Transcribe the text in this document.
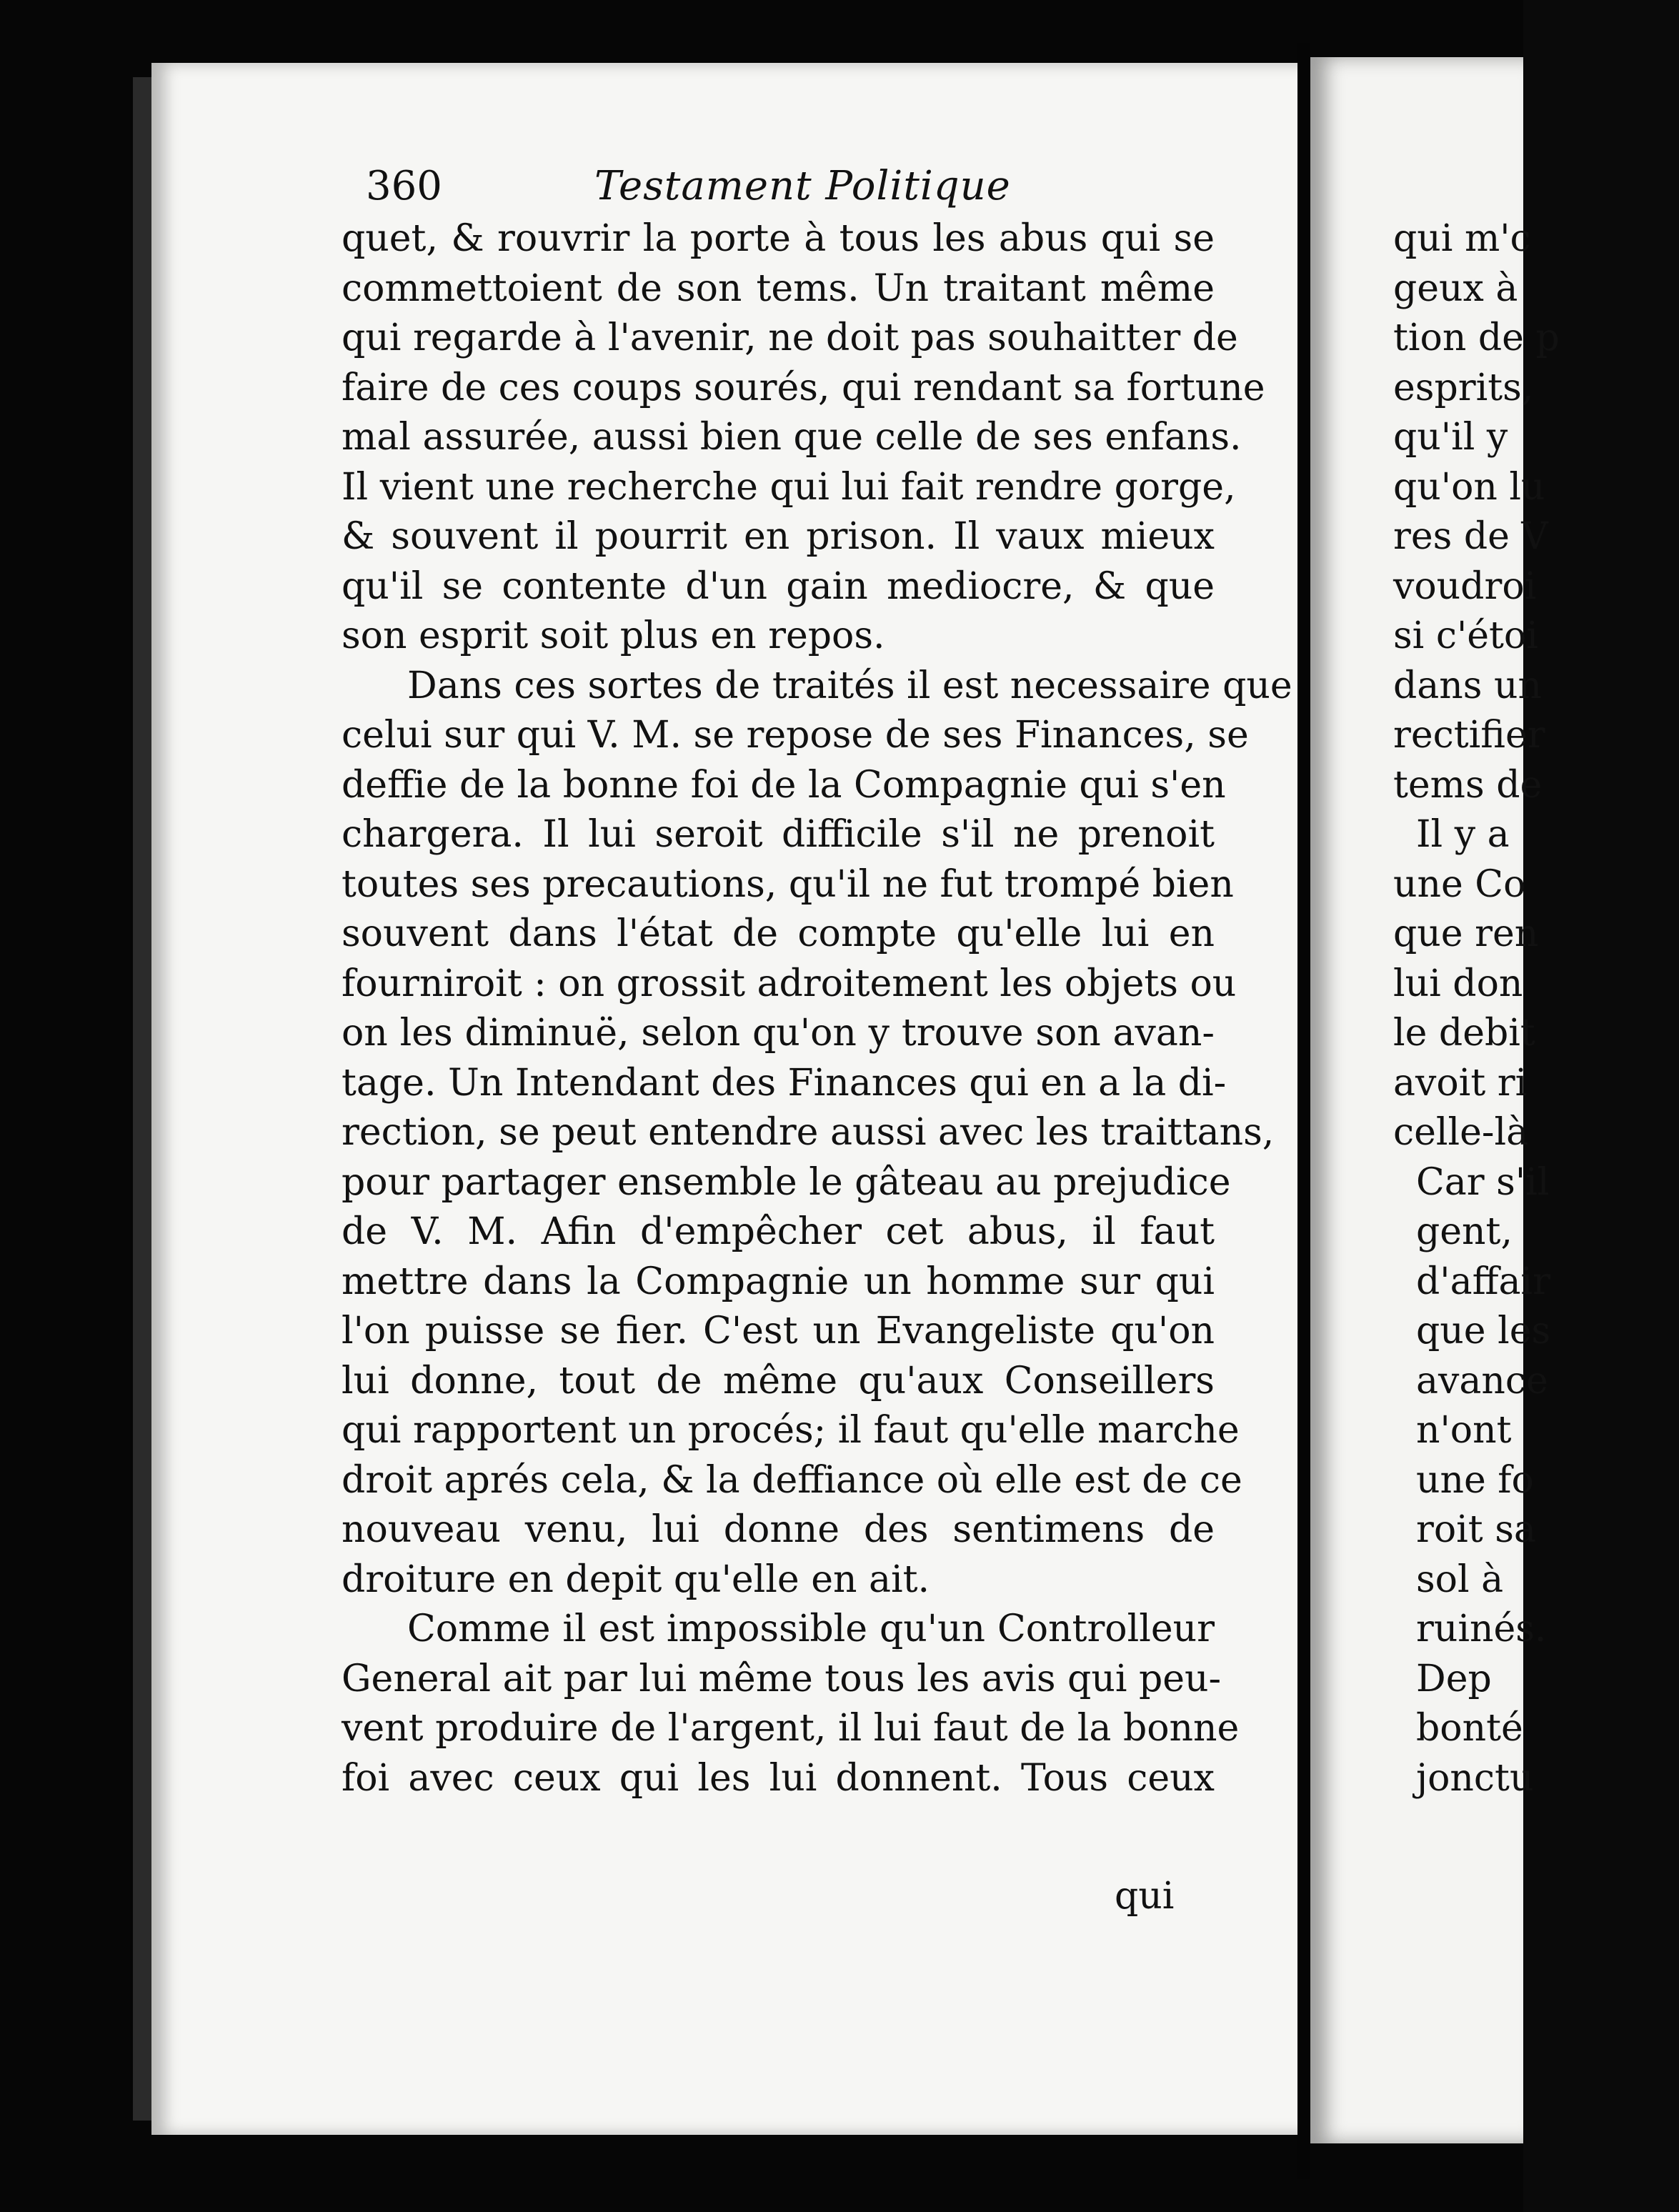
360	Testament Politique
quet, & rouvrir la porte à tous les abus qui se
commettoient de son tems. Un traitant même
qui regarde à l'avenir, ne doit pas souhaitter de
faire de ces coups sourés, qui rendant sa fortune
mal assurée, aussi bien que celle de ses enfans.
Il vient une recherche qui lui fait rendre gorge,
& souvent il pourrit en prison. Il vaux mieux
qu'il se contente d'un gain mediocre, & que
son esprit soit plus en repos.
Dans ces sortes de traités il est necessaire que
celui sur qui V. M. se repose de ses Finances, se
deffie de la bonne foi de la Compagnie qui s'en
chargera. Il lui seroit difficile s'il ne prenoit
toutes ses precautions, qu'il ne fut trompé bien
souvent dans l'état de compte qu'elle lui en
fourniroit : on grossit adroitement les objets ou
on les diminuë, selon qu'on y trouve son avan-
tage. Un Intendant des Finances qui en a la di-
rection, se peut entendre aussi avec les traittans,
pour partager ensemble le gâteau au prejudice
de V. M. Afin d'empêcher cet abus, il faut
mettre dans la Compagnie un homme sur qui
l'on puisse se fier. C'est un Evangeliste qu'on
lui donne, tout de même qu'aux Conseillers
qui rapportent un procés; il faut qu'elle marche
droit aprés cela, & la deffiance où elle est de ce
nouveau venu, lui donne des sentimens de
droiture en depit qu'elle en ait.
Comme il est impossible qu'un Controlleur
General ait par lui même tous les avis qui peu-
vent produire de l'argent, il lui faut de la bonne
foi avec ceux qui les lui donnent. Tous ceux
qui
qui m'c
geux à
tion de p
esprits,
qu'il y
qu'on lu
res de V
voudroi
si c'étoi
dans un
rectifier
tems de
Il y a
une Co
que ren
lui don
le debit
avoit ri
celle-là
Car s'il
gent,
d'affair
que les
avance
n'ont
une fo
roit sa
sol à
ruinés.
Dep
bonté
jonctu
